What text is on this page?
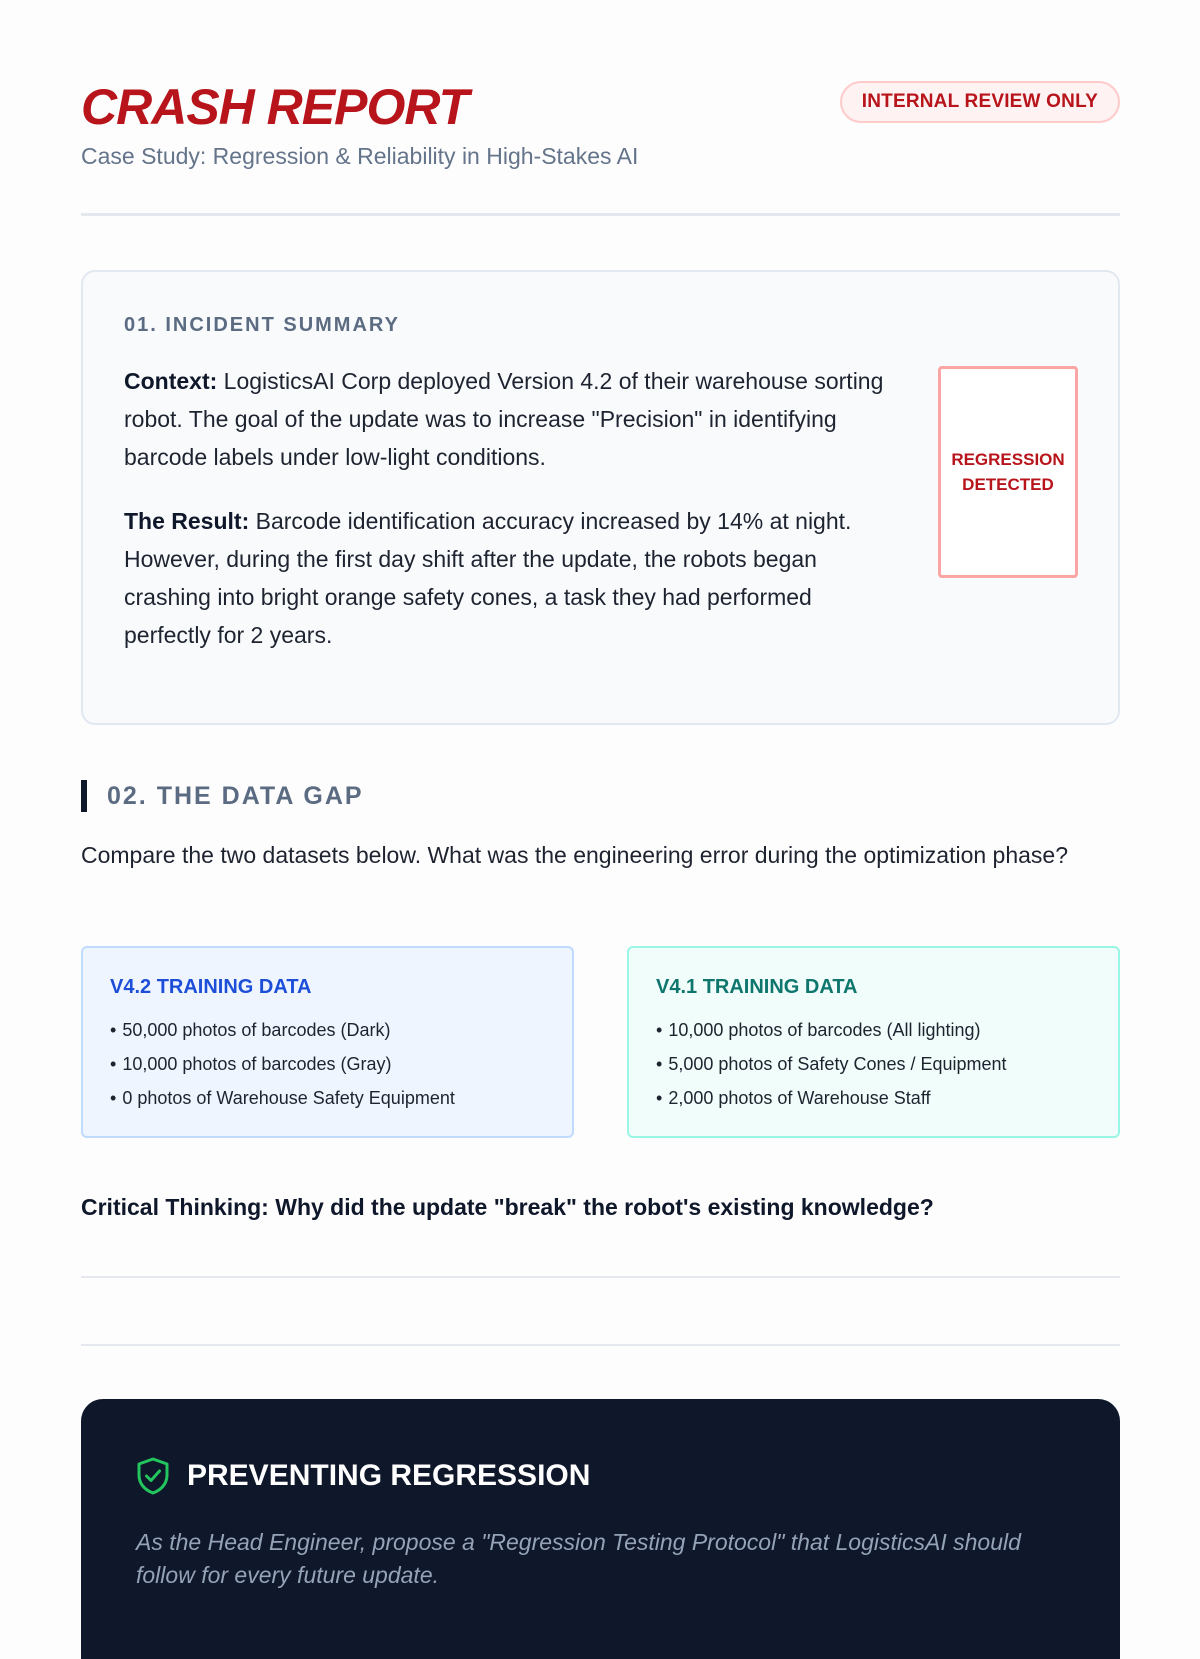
CRASH REPORT
Case Study: Regression & Reliability in High-Stakes AI
INTERNAL REVIEW ONLY
01. INCIDENT SUMMARY
Context: LogisticsAI Corp deployed Version 4.2 of their warehouse sorting robot. The goal of the update was to increase "Precision" in identifying barcode labels under low-light conditions.
The Result: Barcode identification accuracy increased by 14% at night. However, during the first day shift after the update, the robots began crashing into bright orange safety cones, a task they had performed perfectly for 2 years.
REGRESSION
DETECTED
02. THE DATA GAP
Compare the two datasets below. What was the engineering error during the optimization phase?
V4.2 TRAINING DATA
• 50,000 photos of barcodes (Dark)
• 10,000 photos of barcodes (Gray)
• 0 photos of Warehouse Safety Equipment
V4.1 TRAINING DATA
• 10,000 photos of barcodes (All lighting)
• 5,000 photos of Safety Cones / Equipment
• 2,000 photos of Warehouse Staff
Critical Thinking: Why did the update "break" the robot's existing knowledge?
PREVENTING REGRESSION

As the Head Engineer, propose a "Regression Testing Protocol" that LogisticsAI should follow for every future update.
